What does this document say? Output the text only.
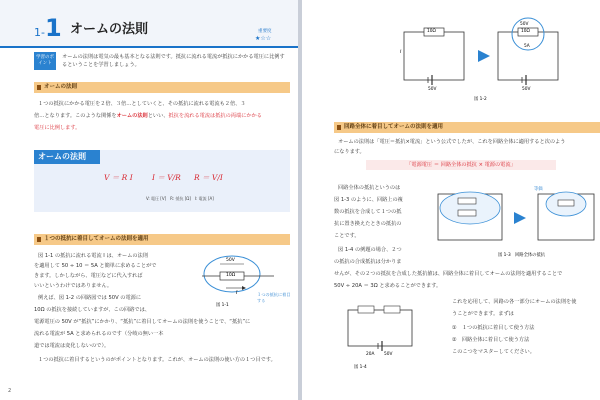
1-1 オームの法則	重要度
★☆☆
学習のポイント
オームの法則は電気の最も基本となる法則です。抵抗に流れる電流が抵抗にかかる電圧に比例す
るということを学習しましょう。
オームの法則
１つの抵抗にかかる電圧を２倍、３倍…としていくと、その抵抗に流れる電流も２倍、３
倍…となります。このような関係をオームの法則といい、抵抗を流れる電流は抵抗の両端にかかる
電圧に比例します。
オームの法則
V ＝ R I	I ＝ V/R R ＝ V/I
V: 電圧 [V]　R: 抵抗 [Ω]　I: 電流 [A]
１つの抵抗に着目してオームの法則を適用
図 1-1 の抵抗に流れる電流 I は、オームの法則
を適用して 50 ÷ 10 ＝ 5A と簡単に求めることがで
きます。しかしながら、電圧などに代入すれば
いいというわけではありません。
例えば、図 1-2 の回路図では 50V の電源に
10Ω の抵抗を接続していますが、この回路では、
電源電圧の 50V が“抵抗”にかかり、“抵抗”に着目してオームの法則を使うことで、“抵抗”に
流れる電流が 5A と求められるのです（分岐の無い一本
道では電流は変化しないので）。
１つの抵抗に着目するというのがポイントとなります。これが、オームの法則の使い方の１つ目です。
50V
10Ω
I	１つの抵抗に着目する
図 1-1
2
10Ω	10Ω
50V
I
5A
50V	50V
図 1-2
回路全体に着目してオームの法則を適用
オームの法則は「電圧＝抵抗×電流」という公式でしたが、これを回路全体に適用すると次のよう
になります。
「電源電圧 ＝ 回路全体の抵抗 × 電源の電流」
回路全体の抵抗というのは
図 1-3 のように、回路上の複
数の抵抗を合成して１つの抵
抗に置き換えたときの抵抗の
ことです。
図 1-4 の例題の場合、２つ
の抵抗の合成抵抗は分かりま
せんが、その２つの抵抗を合成した抵抗値は、回路全体に着目してオームの法則を適用することで
50V ÷ 20A ＝ 3Ω と求めることができます。
等価
図 1-3　回路全体の抵抗
20A 50V
図 1-4
これを応用して、回路の各一部分にオームの法則を使
うことができます。まずは
①　１つの抵抗に着目して使う方法
②　回路全体に着目して使う方法
このこつをマスターしてください。
